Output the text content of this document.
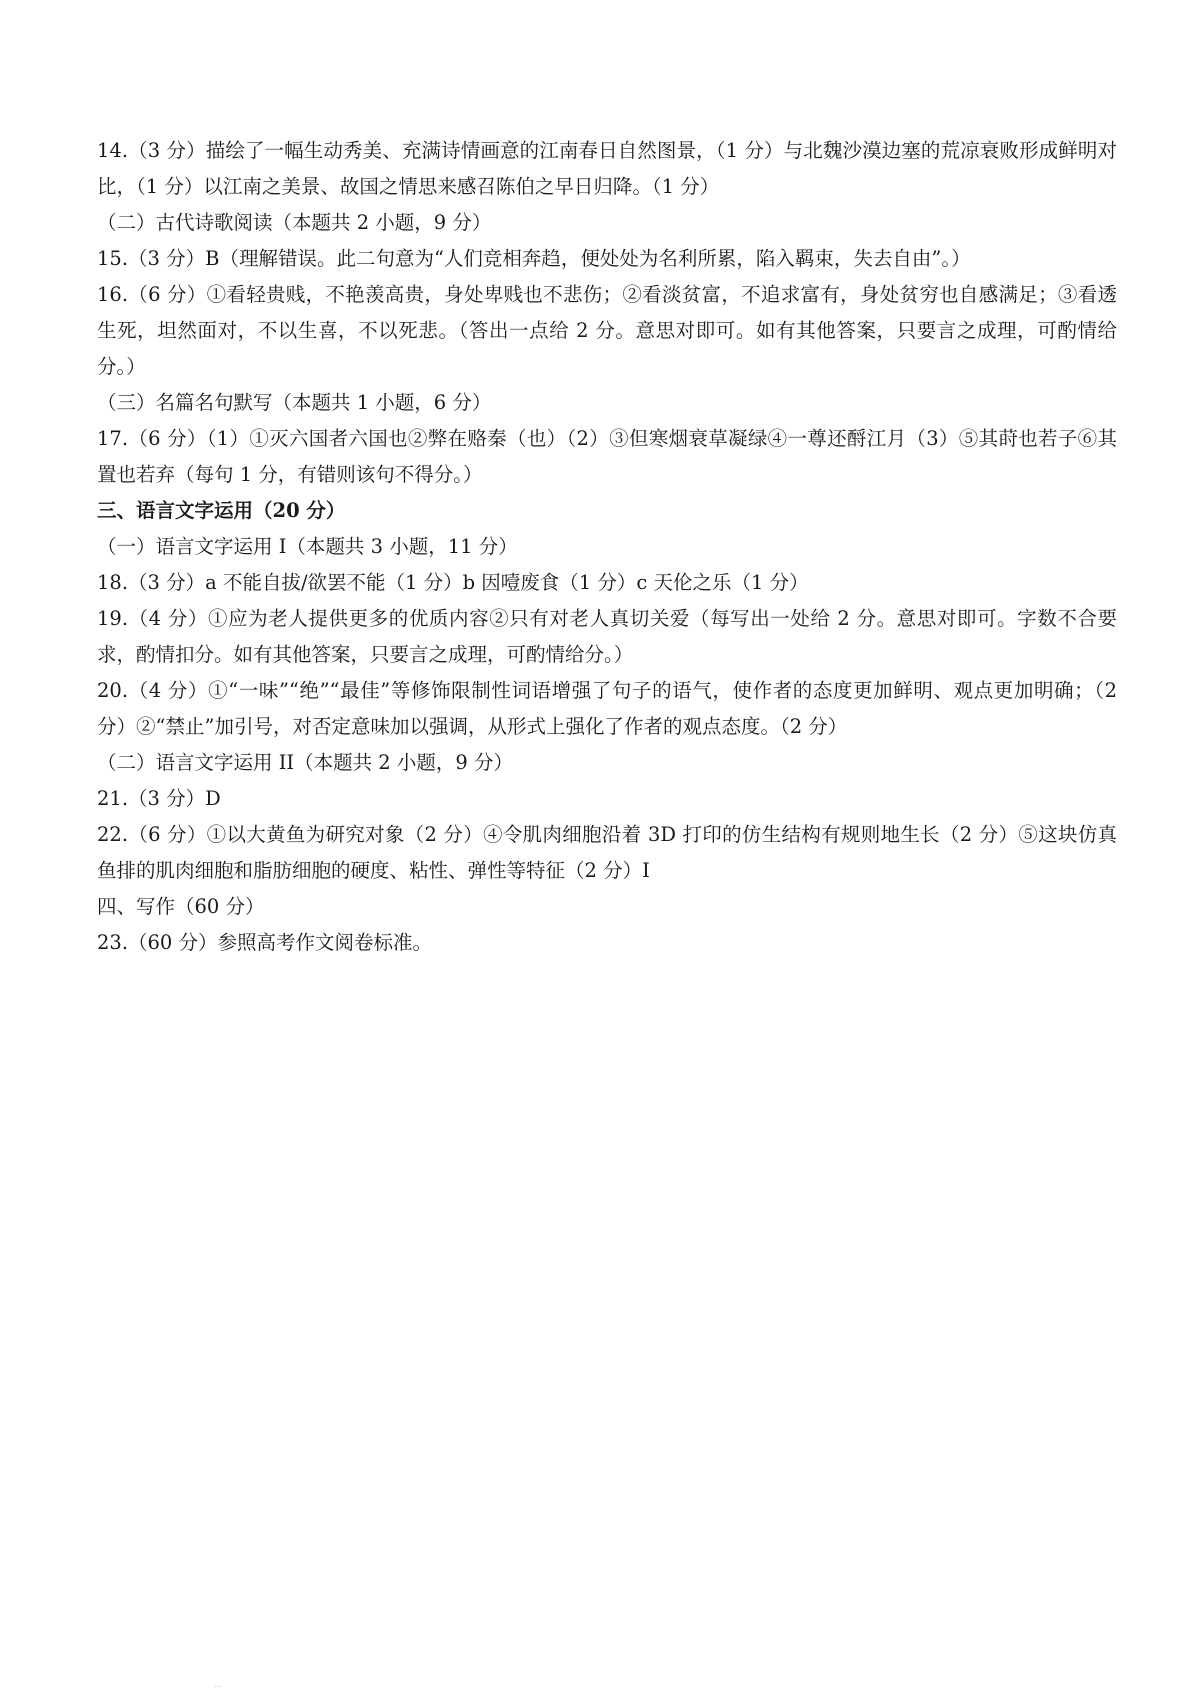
14.（3 分）描绘了一幅生动秀美、充满诗情画意的江南春日自然图景，（1 分）与北魏沙漠边塞的荒凉衰败形成鲜明对比，（1 分）以江南之美景、故国之情思来感召陈伯之早日归降。（1 分）

（二）古代诗歌阅读（本题共 2 小题，9 分）

15.（3 分）B（理解错误。此二句意为“人们竞相奔趋，便处处为名利所累，陷入羁束，失去自由”。）

16.（6 分）①看轻贵贱，不艳羡高贵，身处卑贱也不悲伤；②看淡贫富，不追求富有，身处贫穷也自感满足；③看透生死，坦然面对，不以生喜，不以死悲。（答出一点给 2 分。意思对即可。如有其他答案，只要言之成理，可酌情给分。）

（三）名篇名句默写（本题共 1 小题，6 分）

17.（6 分）（1）①灭六国者六国也②弊在赂秦（也）（2）③但寒烟衰草凝绿④一尊还酹江月（3）⑤其莳也若子⑥其置也若弃（每句 1 分，有错则该句不得分。）

三、语言文字运用（20 分）

（一）语言文字运用 I（本题共 3 小题，11 分）

18.（3 分）a 不能自拔/欲罢不能（1 分）b 因噎废食（1 分）c 天伦之乐（1 分）

19.（4 分）①应为老人提供更多的优质内容②只有对老人真切关爱（每写出一处给 2 分。意思对即可。字数不合要求，酌情扣分。如有其他答案，只要言之成理，可酌情给分。）

20.（4 分）①“一味”“绝”“最佳”等修饰限制性词语增强了句子的语气，使作者的态度更加鲜明、观点更加明确；（2 分）②“禁止”加引号，对否定意味加以强调，从形式上强化了作者的观点态度。（2 分）

（二）语言文字运用 II（本题共 2 小题，9 分）

21.（3 分）D

22.（6 分）①以大黄鱼为研究对象（2 分）④令肌肉细胞沿着 3D 打印的仿生结构有规则地生长（2 分）⑤这块仿真鱼排的肌肉细胞和脂肪细胞的硬度、粘性、弹性等特征（2 分）Ⅰ

四、写作（60 分）

23.（60 分）参照高考作文阅卷标准。

...
